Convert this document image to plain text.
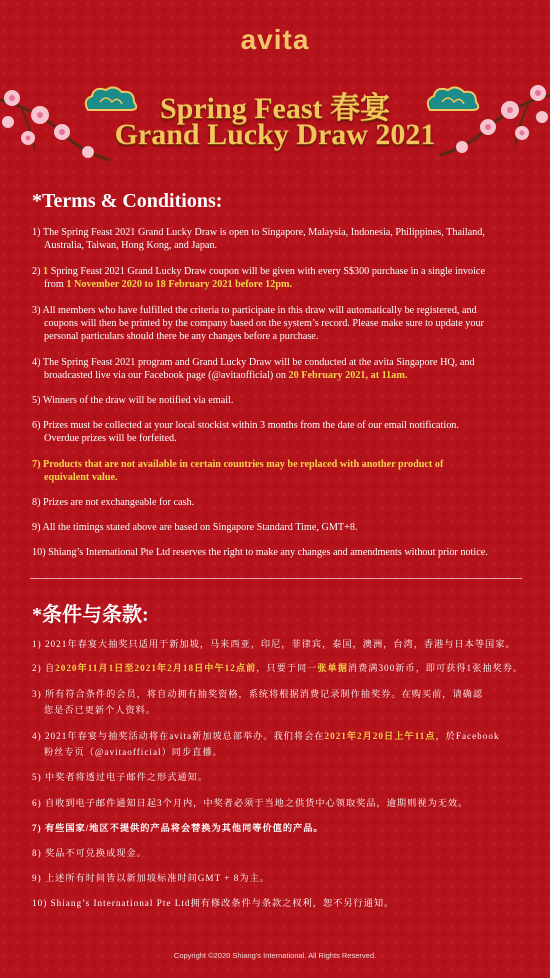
avita
Spring Feast 春宴
Grand Lucky Draw 2021
*Terms & Conditions:
1) The Spring Feast 2021 Grand Lucky Draw is open to Singapore, Malaysia, Indonesia, Philippines, Thailand,
Australia, Taiwan, Hong Kong, and Japan.
2) 1 Spring Feast 2021 Grand Lucky Draw coupon will be given with every S$300 purchase in a single invoice
from 1 November 2020 to 18 February 2021 before 12pm.
3) All members who have fulfilled the criteria to participate in this draw will automatically be registered, and
coupons will then be printed by the company based on the system’s record. Please make sure to update your
personal particulars should there be any changes before a purchase.
4) The Spring Feast 2021 program and Grand Lucky Draw will be conducted at the avita Singapore HQ, and
broadcasted live via our Facebook page (@avitaofficial) on 20 February 2021, at 11am.
5) Winners of the draw will be notified via email.
6) Prizes must be collected at your local stockist within 3 months from the date of our email notification.
Overdue prizes will be forfeited.
7) Products that are not available in certain countries may be replaced with another product of
equivalent value.
8) Prizes are not exchangeable for cash.
9) All the timings stated above are based on Singapore Standard Time, GMT+8.
10) Shiang’s International Pte Ltd reserves the right to make any changes and amendments without prior notice.
*条件与条款:
1) 2021年春宴大抽奖只适用于新加坡，马来西亚，印尼，菲律宾，泰国，澳洲，台湾，香港与日本等国家。
2) 自2020年11月1日至2021年2月18日中午12点前，只要于同一张单据消费满300新币，即可获得1张抽奖券。
3) 所有符合条件的会员，将自动拥有抽奖资格，系统将根据消费记录制作抽奖券。在购买前，请确認
您是否已更新个人资料。
4) 2021年春宴与抽奖活动将在avita新加坡总部举办。我们将会在2021年2月20日上午11点，於Facebook
粉丝专页（@avitaofficial）同步直播。
5) 中奖者将透过电子邮件之形式通知。
6) 自收到电子邮件通知日起3个月内，中奖者必须于当地之供货中心领取奖品，逾期则视为无效。
7) 有些国家/地区不提供的产品将会替换为其他同等价值的产品。
8) 奖品不可兑换成现金。
9) 上述所有时间皆以新加坡标准时间GMT + 8为主。
10) Shiang’s International Pte Ltd拥有修改条件与条款之权利，恕不另行通知。
Copyright ©2020 Shiang’s International. All Rights Reserved.
